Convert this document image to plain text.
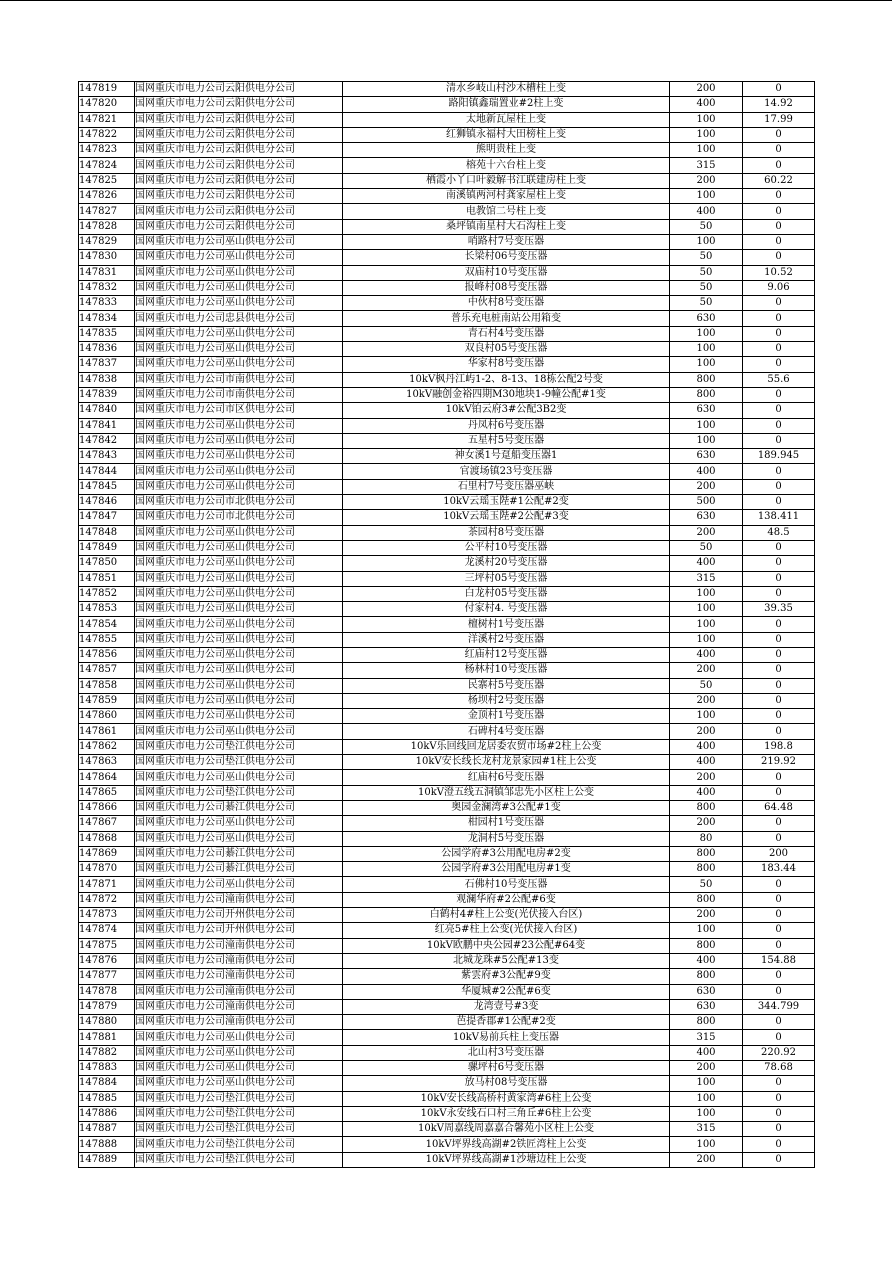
147819	国网重庆市电力公司云阳供电分公司	清水乡岐山村沙木槽柱上变	200	0
147820	国网重庆市电力公司云阳供电分公司	路阳镇鑫瑞置业#2柱上变	400	14.92
147821	国网重庆市电力公司云阳供电分公司	太地新瓦屋柱上变	100	17.99
147822	国网重庆市电力公司云阳供电分公司	红狮镇永福村大田榜柱上变	100	0
147823	国网重庆市电力公司云阳供电分公司	熊明贵柱上变	100	0
147824	国网重庆市电力公司云阳供电分公司	榕苑十六台柱上变	315	0
147825	国网重庆市电力公司云阳供电分公司	栖霞小丫口叶毅解书江联建房柱上变	200	60.22
147826	国网重庆市电力公司云阳供电分公司	南溪镇两河村龚家屋柱上变	100	0
147827	国网重庆市电力公司云阳供电分公司	电教馆二号柱上变	400	0
147828	国网重庆市电力公司云阳供电分公司	桑坪镇南星村大石沟柱上变	50	0
147829	国网重庆市电力公司巫山供电分公司	哨路村7号变压器	100	0
147830	国网重庆市电力公司巫山供电分公司	长梁村06号变压器	50	0
147831	国网重庆市电力公司巫山供电分公司	双庙村10号变压器	50	10.52
147832	国网重庆市电力公司巫山供电分公司	报峰村08号变压器	50	9.06
147833	国网重庆市电力公司巫山供电分公司	中伙村8号变压器	50	0
147834	国网重庆市电力公司忠县供电分公司	普乐充电桩南站公用箱变	630	0
147835	国网重庆市电力公司巫山供电分公司	青石村4号变压器	100	0
147836	国网重庆市电力公司巫山供电分公司	双良村05号变压器	100	0
147837	国网重庆市电力公司巫山供电分公司	华家村8号变压器	100	0
147838	国网重庆市电力公司市南供电分公司	10kV枫丹江屿1-2、8-13、18栋公配2号变	800	55.6
147839	国网重庆市电力公司市南供电分公司	10kV融创金裕四期M30地块1-9幢公配#1变	800	0
147840	国网重庆市电力公司市区供电分公司	10kV铂云府3#公配3B2变	630	0
147841	国网重庆市电力公司巫山供电分公司	丹凤村6号变压器	100	0
147842	国网重庆市电力公司巫山供电分公司	五星村5号变压器	100	0
147843	国网重庆市电力公司巫山供电分公司	神女溪1号趸船变压器1	630	189.945
147844	国网重庆市电力公司巫山供电分公司	官渡场镇23号变压器	400	0
147845	国网重庆市电力公司巫山供电分公司	石里村7号变压器巫峡	200	0
147846	国网重庆市电力公司市北供电分公司	10kV云瑶玉陛#1公配#2变	500	0
147847	国网重庆市电力公司市北供电分公司	10kV云瑶玉陛#2公配#3变	630	138.411
147848	国网重庆市电力公司巫山供电分公司	茶园村8号变压器	200	48.5
147849	国网重庆市电力公司巫山供电分公司	公平村10号变压器	50	0
147850	国网重庆市电力公司巫山供电分公司	龙溪村20号变压器	400	0
147851	国网重庆市电力公司巫山供电分公司	三坪村05号变压器	315	0
147852	国网重庆市电力公司巫山供电分公司	白龙村05号变压器	100	0
147853	国网重庆市电力公司巫山供电分公司	付家村4. 号变压器	100	39.35
147854	国网重庆市电力公司巫山供电分公司	檀树村1号变压器	100	0
147855	国网重庆市电力公司巫山供电分公司	洋溪村2号变压器	100	0
147856	国网重庆市电力公司巫山供电分公司	红庙村12号变压器	400	0
147857	国网重庆市电力公司巫山供电分公司	杨林村10号变压器	200	0
147858	国网重庆市电力公司巫山供电分公司	民寨村5号变压器	50	0
147859	国网重庆市电力公司巫山供电分公司	杨坝村2号变压器	200	0
147860	国网重庆市电力公司巫山供电分公司	金顶村1号变压器	100	0
147861	国网重庆市电力公司巫山供电分公司	石碑村4号变压器	200	0
147862	国网重庆市电力公司垫江供电分公司	10kV乐回线回龙居委农贸市场#2柱上公变	400	198.8
147863	国网重庆市电力公司垫江供电分公司	10kV安长线长龙村龙景家园#1柱上公变	400	219.92
147864	国网重庆市电力公司巫山供电分公司	红庙村6号变压器	200	0
147865	国网重庆市电力公司垫江供电分公司	10kV澄五线五洞镇邹忠先小区柱上公变	400	0
147866	国网重庆市电力公司綦江供电分公司	奥园金澜湾#3公配#1变	800	64.48
147867	国网重庆市电力公司巫山供电分公司	柑园村1号变压器	200	0
147868	国网重庆市电力公司巫山供电分公司	龙洞村5号变压器	80	0
147869	国网重庆市电力公司綦江供电分公司	公园学府#3公用配电房#2变	800	200
147870	国网重庆市电力公司綦江供电分公司	公园学府#3公用配电房#1变	800	183.44
147871	国网重庆市电力公司巫山供电分公司	石佛村10号变压器	50	0
147872	国网重庆市电力公司潼南供电分公司	观澜华府#2公配#6变	800	0
147873	国网重庆市电力公司开州供电分公司	白鹤村4#柱上公变(光伏接入台区)	200	0
147874	国网重庆市电力公司开州供电分公司	红亮5#柱上公变(光伏接入台区)	100	0
147875	国网重庆市电力公司潼南供电分公司	10kV欧鹏中央公园#23公配#64变	800	0
147876	国网重庆市电力公司潼南供电分公司	北城龙珠#5公配#13变	400	154.88
147877	国网重庆市电力公司潼南供电分公司	紫雲府#3公配#9变	800	0
147878	国网重庆市电力公司潼南供电分公司	华厦城#2公配#6变	630	0
147879	国网重庆市电力公司潼南供电分公司	龙湾壹号#3变	630	344.799
147880	国网重庆市电力公司潼南供电分公司	芭提香郡#1公配#2变	800	0
147881	国网重庆市电力公司巫山供电分公司	10kV易前兵柱上变压器	315	0
147882	国网重庆市电力公司巫山供电分公司	北山村3号变压器	400	220.92
147883	国网重庆市电力公司巫山供电分公司	骡坪村6号变压器	200	78.68
147884	国网重庆市电力公司巫山供电分公司	放马村08号变压器	100	0
147885	国网重庆市电力公司垫江供电分公司	10kV安长线高桥村黄家湾#6柱上公变	100	0
147886	国网重庆市电力公司垫江供电分公司	10kV永安线石口村三角丘#6柱上公变	100	0
147887	国网重庆市电力公司垫江供电分公司	10kV周嘉线周嘉嘉合馨苑小区柱上公变	315	0
147888	国网重庆市电力公司垫江供电分公司	10kV坪界线高湖#2铁匠湾柱上公变	100	0
147889	国网重庆市电力公司垫江供电分公司	10kV坪界线高湖#1沙塘边柱上公变	200	0
